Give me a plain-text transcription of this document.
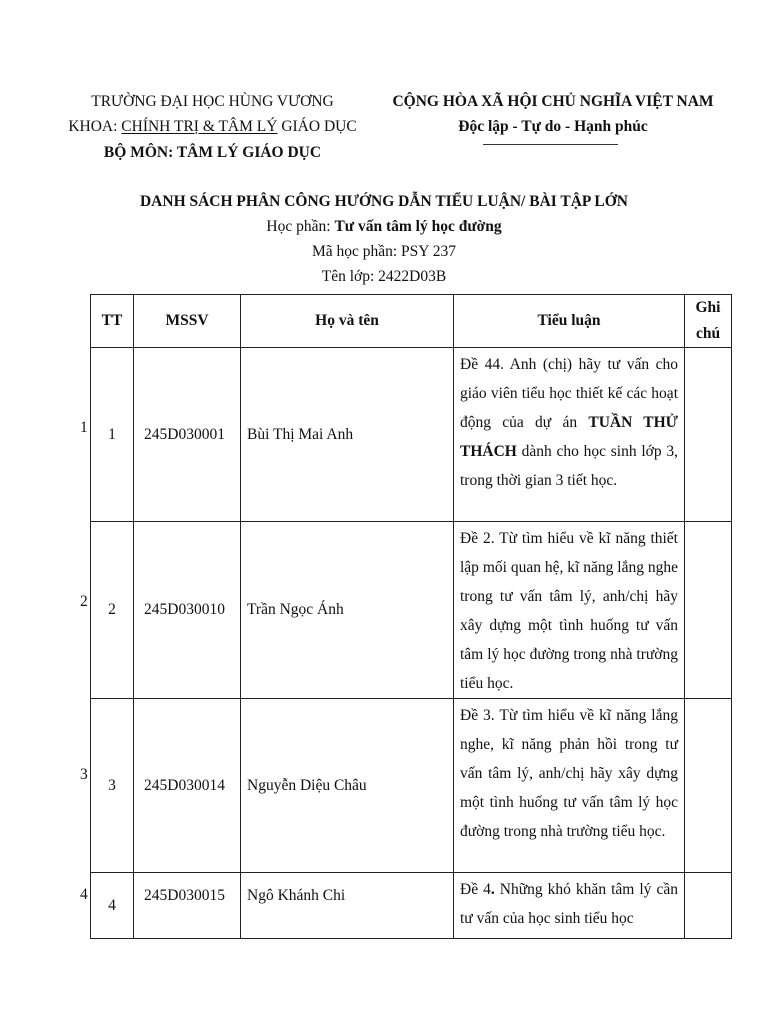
TRƯỜNG ĐẠI HỌC HÙNG VƯƠNG
KHOA: CHÍNH TRỊ & TÂM LÝ GIÁO DỤC
BỘ MÔN: TÂM LÝ GIÁO DỤC
CỘNG HÒA XÃ HỘI CHỦ NGHĨA VIỆT NAM
Độc lập - Tự do - Hạnh phúc
DANH SÁCH PHÂN CÔNG HƯỚNG DẪN TIỂU LUẬN/ BÀI TẬP LỚN
Học phần: Tư vấn tâm lý học đường
Mã học phần: PSY 237
Tên lớp: 2422D03B
1
2
3
4
TT	MSSV	Họ và tên	Tiểu luận	Ghi
chú
1	245D030001	Bùi Thị Mai Anh	Đề 44. Anh (chị) hãy tư vấn cho giáo viên tiểu học thiết kế các hoạt động của dự án TUẦN THỬ THÁCH dành cho học sinh lớp 3, trong thời gian 3 tiết học.	
2	245D030010	Trần Ngọc Ánh	Đề 2. Từ tìm hiểu về kĩ năng thiết lập mối quan hệ, kĩ năng lắng nghe trong tư vấn tâm lý, anh/chị hãy xây dựng một tình huống tư vấn tâm lý học đường trong nhà trường tiểu học.	
3	245D030014	Nguyễn Diệu Châu	Đề 3. Từ tìm hiểu về kĩ năng lắng nghe, kĩ năng phản hồi trong tư vấn tâm lý, anh/chị hãy xây dựng một tình huống tư vấn tâm lý học đường trong nhà trường tiểu học.	
4	245D030015	Ngô Khánh Chi	Đề 4. Những khó khăn tâm lý cần tư vấn của học sinh tiểu học	
